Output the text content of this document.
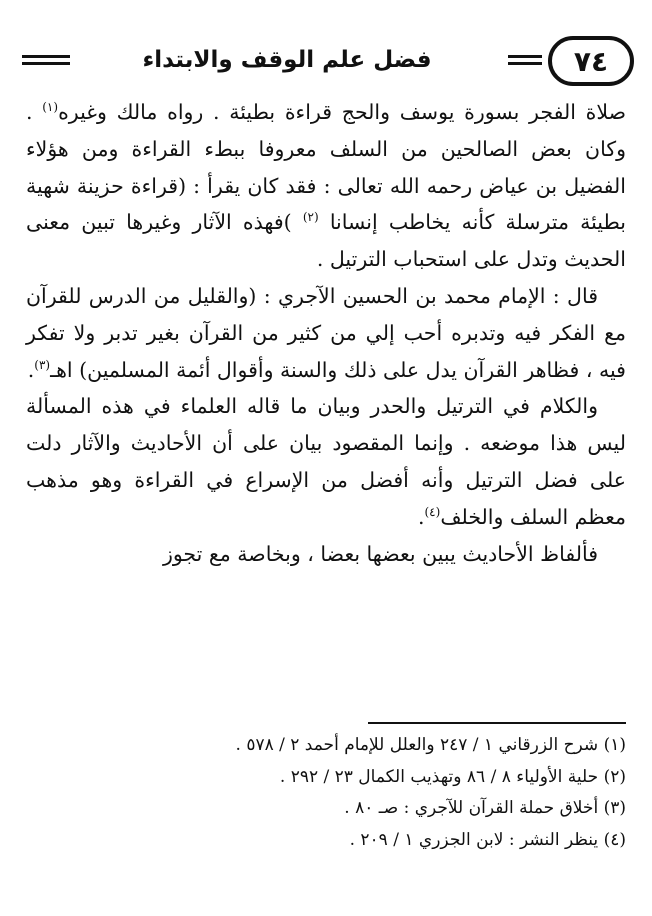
٧٤
فضل علم الوقف والابتداء

صلاة الفجر بسورة يوسف والحج قراءة بطيئة . رواه مالك وغيره$^{(١)}$ . وكان بعض الصالحين من السلف معروفا ببطء القراءة ومن هؤلاء الفضيل بن عياض رحمه الله تعالى : فقد كان يقرأ : (قراءة حزينة شهية بطيئة مترسلة كأنه يخاطب إنسانا $^{(٢)}$ )فهذه الآثار وغيرها تبين معنى الحديث وتدل على استحباب الترتيل .

قال : الإمام محمد بن الحسين الآجري : (والقليل من الدرس للقرآن مع الفكر فيه وتدبره أحب إلي من كثير من القرآن بغير تدبر ولا تفكر فيه ، فظاهر القرآن يدل على ذلك والسنة وأقوال أئمة المسلمين) اهـ$^{(٣)}$.

والكلام في الترتيل والحدر وبيان ما قاله العلماء في هذه المسألة ليس هذا موضعه . وإنما المقصود بيان على أن الأحاديث والآثار دلت على فضل الترتيل وأنه أفضل من الإسراع في القراءة وهو مذهب معظم السلف والخلف$^{(٤)}$.

فألفاظ الأحاديث يبين بعضها بعضا ، وبخاصة مع تجوز

(١) شرح الزرقاني ١ / ٢٤٧ والعلل للإمام أحمد ٢ / ٥٧٨ .
(٢) حلية الأولياء ٨ / ٨٦ وتهذيب الكمال ٢٣ / ٢٩٢ .
(٣) أخلاق حملة القرآن للآجري : صـ ٨٠ .
(٤) ينظر النشر : لابن الجزري ١ / ٢٠٩ .
